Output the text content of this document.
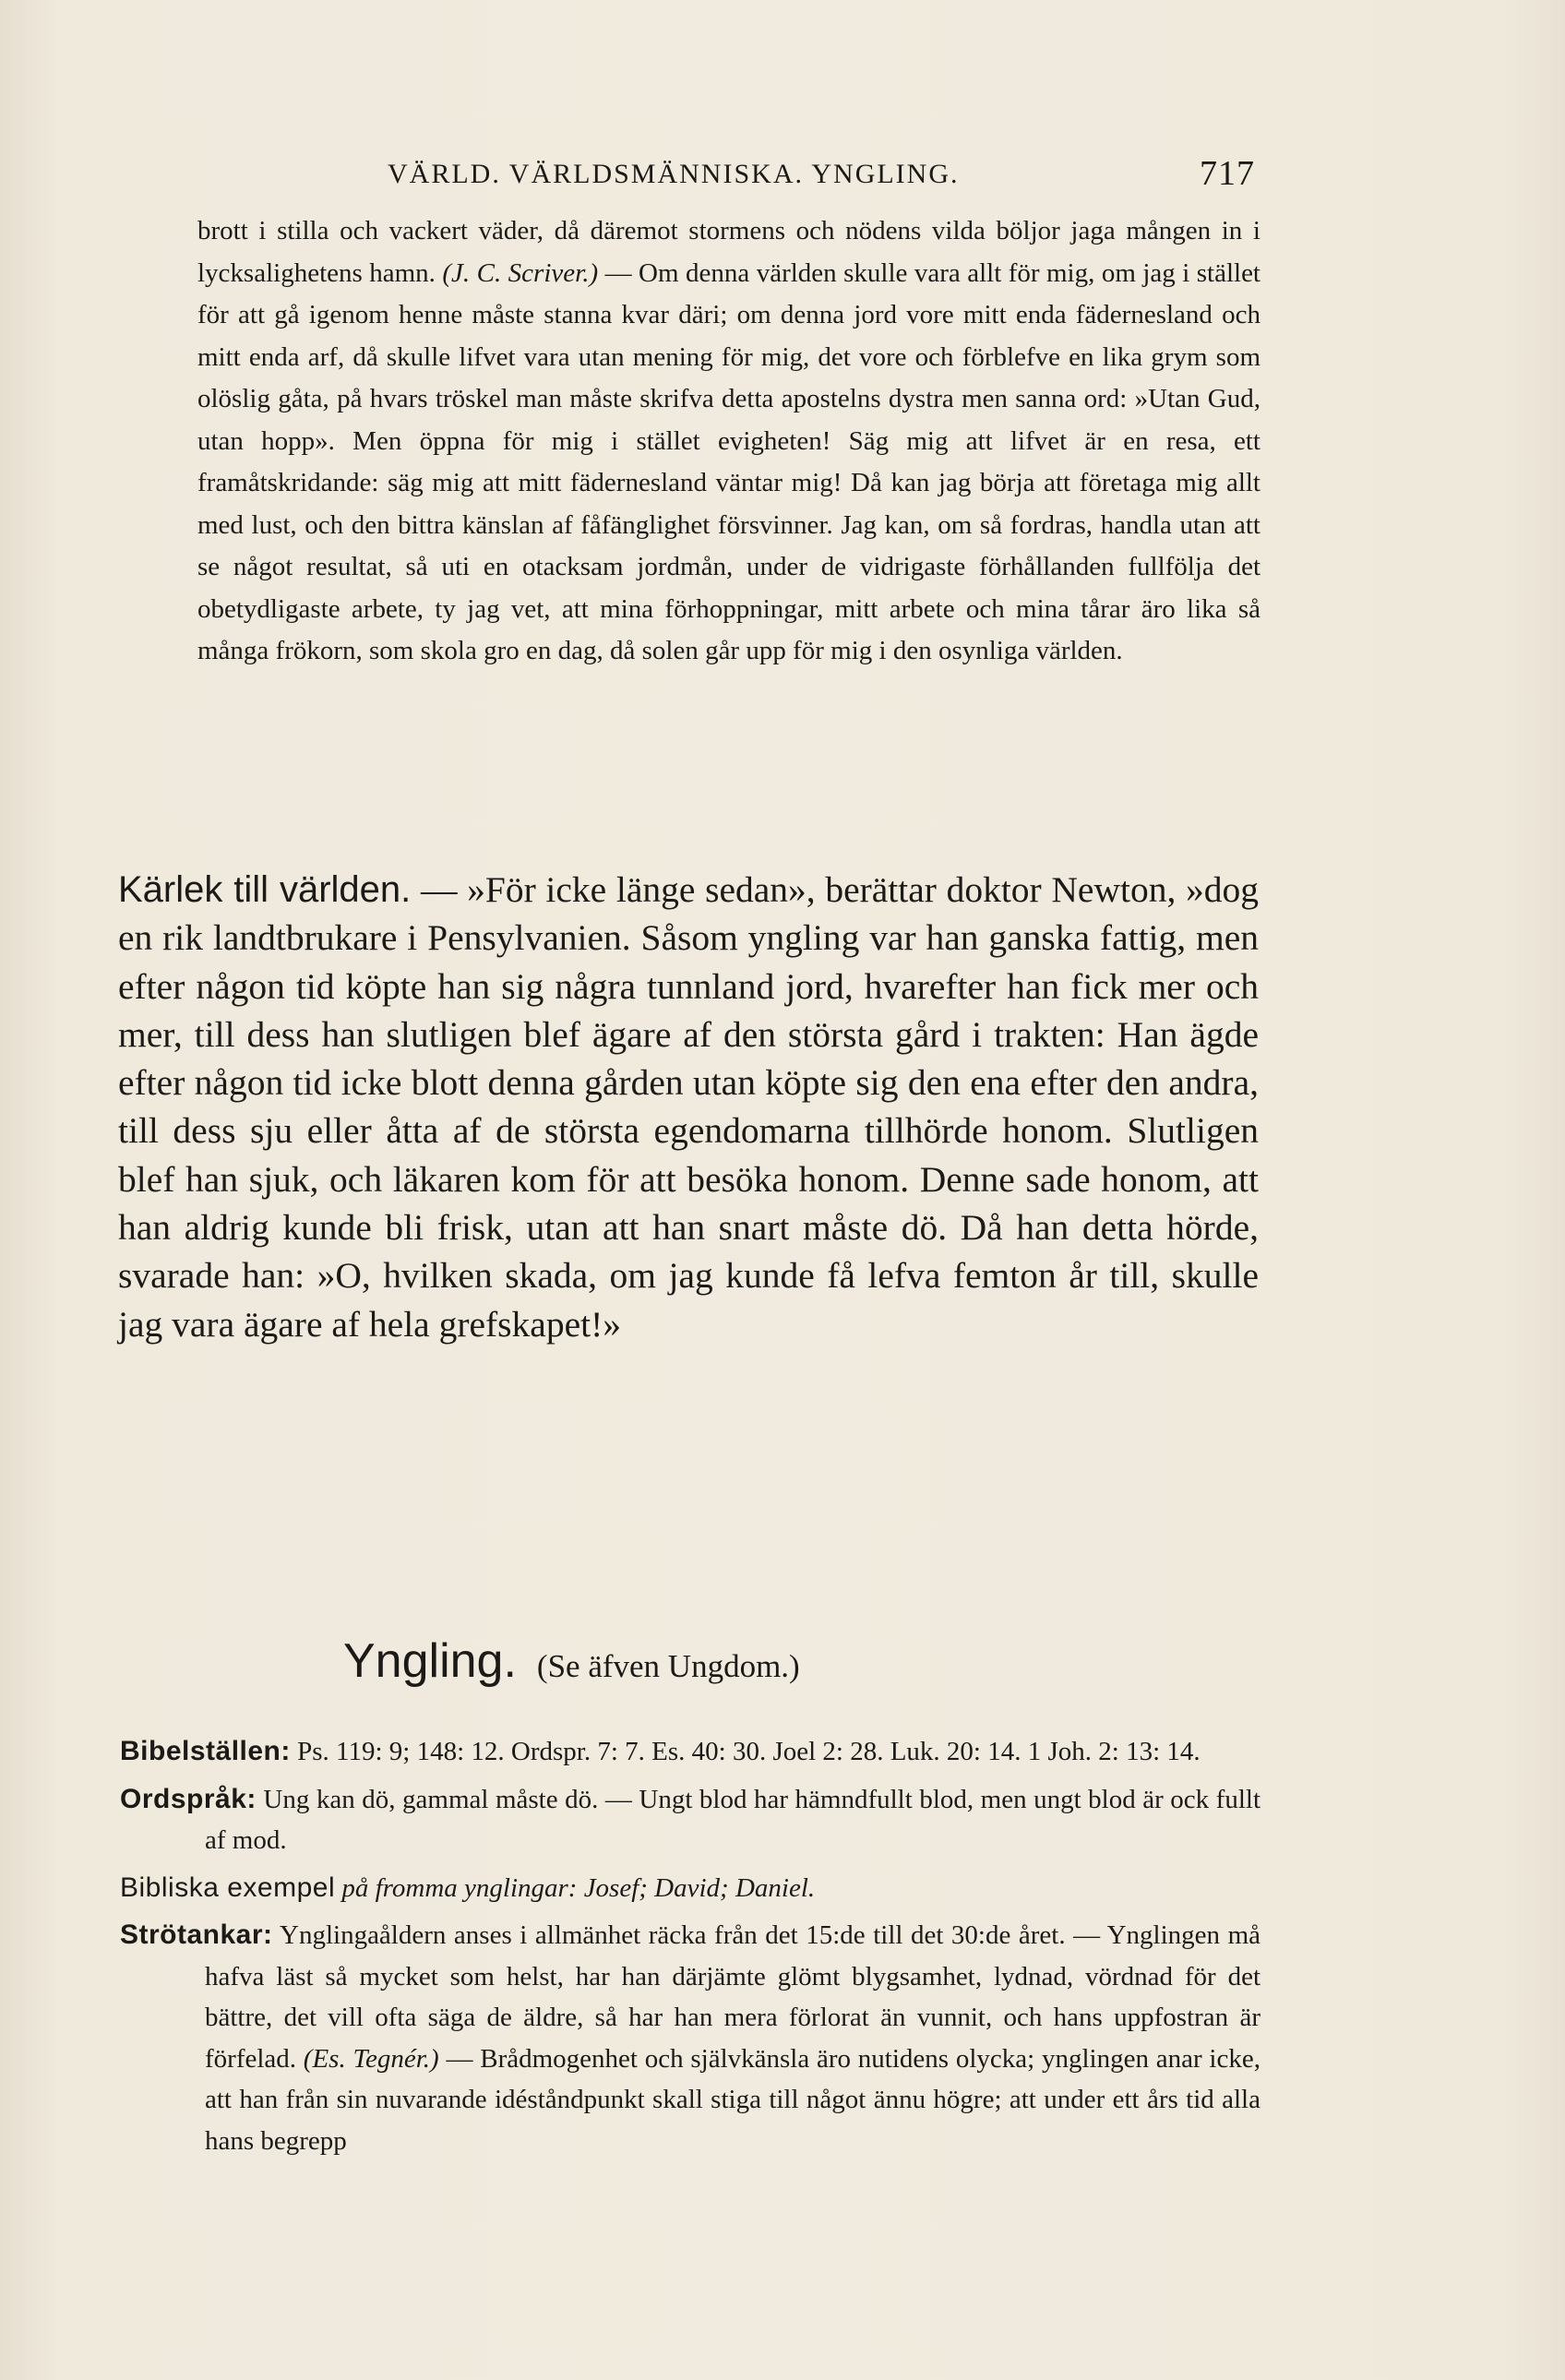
VÄRLD. VÄRLDSMÄNNISKA. YNGLING.	717

brott i stilla och vackert väder, då däremot stormens och nödens vilda böljor jaga mången in i lycksalighetens hamn. (J. C. Scriver.) — Om denna världen skulle vara allt för mig, om jag i stället för att gå igenom henne måste stanna kvar däri; om denna jord vore mitt enda fädernesland och mitt enda arf, då skulle lifvet vara utan mening för mig, det vore och förblefve en lika grym som olöslig gåta, på hvars tröskel man måste skrifva detta apostelns dystra men sanna ord: »Utan Gud, utan hopp». Men öppna för mig i stället evigheten! Säg mig att lifvet är en resa, ett framåtskridande: säg mig att mitt fädernesland väntar mig! Då kan jag börja att företaga mig allt med lust, och den bittra känslan af fåfänglighet försvinner. Jag kan, om så fordras, handla utan att se något resultat, så uti en otacksam jordmån, under de vidrigaste förhållanden fullfölja det obetydligaste arbete, ty jag vet, att mina förhoppningar, mitt arbete och mina tårar äro lika så många frökorn, som skola gro en dag, då solen går upp för mig i den osynliga världen.

Kärlek till världen. — »För icke länge sedan», berättar doktor Newton, »dog en rik landtbrukare i Pensylvanien. Såsom yngling var han ganska fattig, men efter någon tid köpte han sig några tunnland jord, hvarefter han fick mer och mer, till dess han slutligen blef ägare af den största gård i trakten: Han ägde efter någon tid icke blott denna gården utan köpte sig den ena efter den andra, till dess sju eller åtta af de största egendomarna tillhörde honom. Slutligen blef han sjuk, och läkaren kom för att besöka honom. Denne sade honom, att han aldrig kunde bli frisk, utan att han snart måste dö. Då han detta hörde, svarade han: »O, hvilken skada, om jag kunde få lefva femton år till, skulle jag vara ägare af hela grefskapet!»

Yngling. (Se äfven Ungdom.)

Bibelställen: Ps. 119: 9; 148: 12. Ordspr. 7: 7. Es. 40: 30. Joel 2: 28. Luk. 20: 14. 1 Joh. 2: 13: 14.

Ordspråk: Ung kan dö, gammal måste dö. — Ungt blod har hämndfullt blod, men ungt blod är ock fullt af mod.

Bibliska exempel på fromma ynglingar: Josef; David; Daniel.

Strötankar: Ynglingaåldern anses i allmänhet räcka från det 15:de till det 30:de året. — Ynglingen må hafva läst så mycket som helst, har han därjämte glömt blygsamhet, lydnad, vördnad för det bättre, det vill ofta säga de äldre, så har han mera förlorat än vunnit, och hans uppfostran är förfelad. (Es. Tegnér.) — Brådmogenhet och självkänsla äro nutidens olycka; ynglingen anar icke, att han från sin nuvarande idéståndpunkt skall stiga till något ännu högre; att under ett års tid alla hans begrepp
